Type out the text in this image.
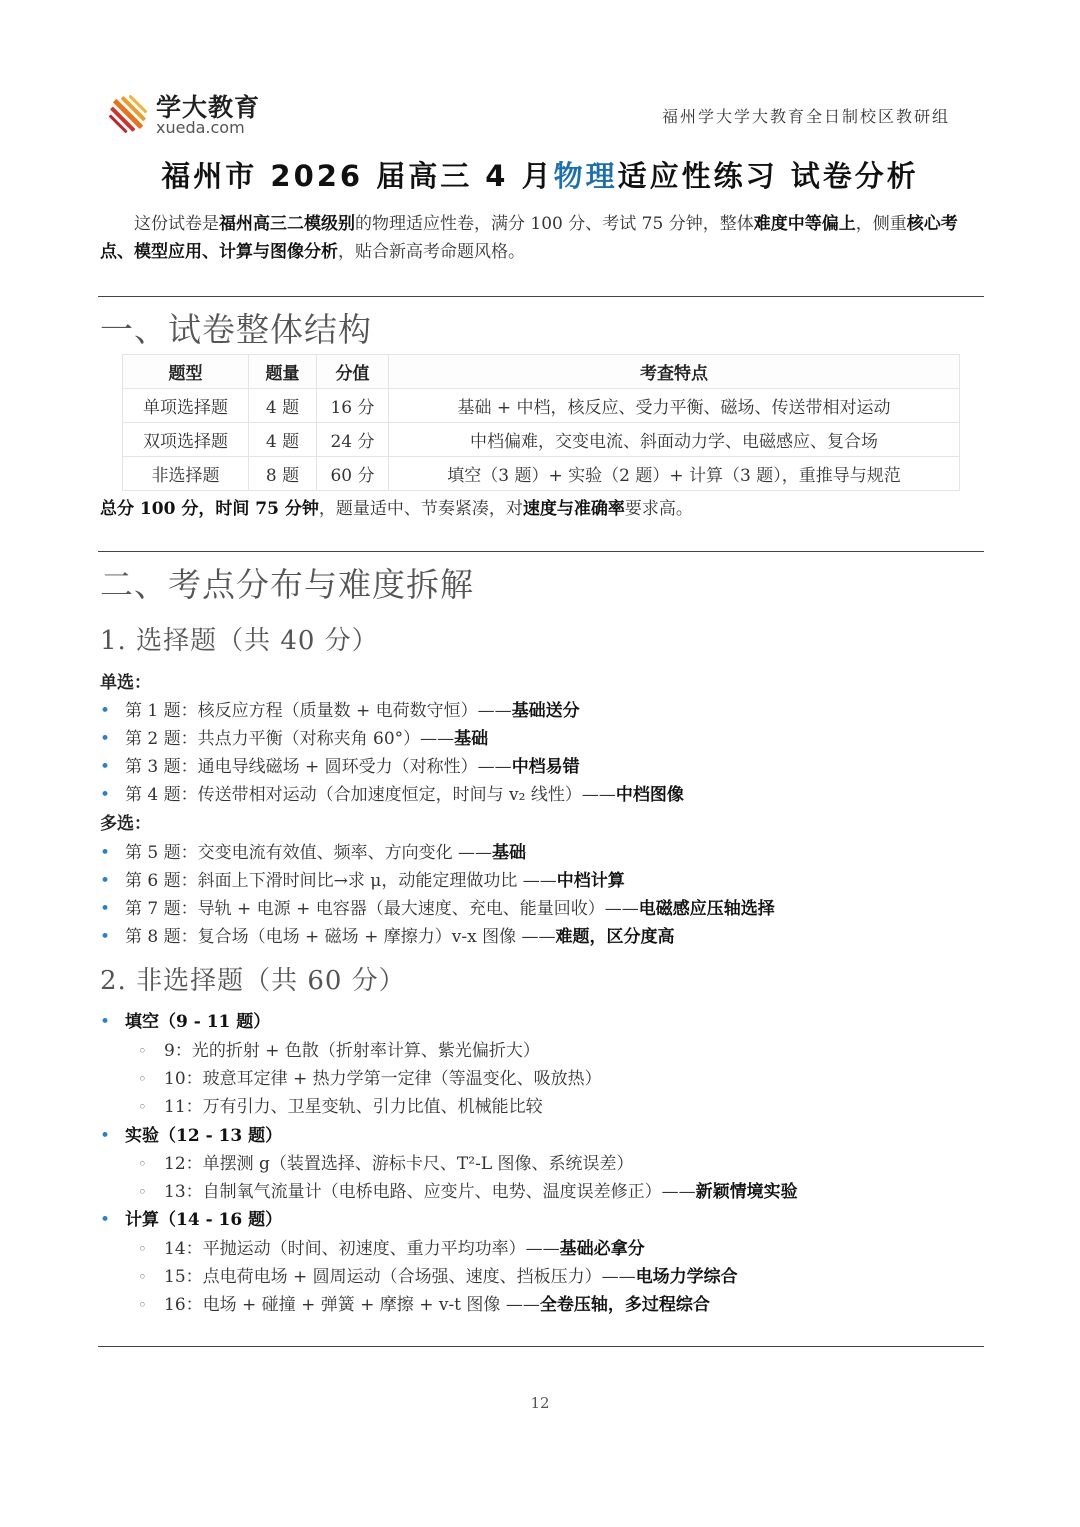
学大教育
xueda.com
福州学大学大教育全日制校区教研组
福州市 2026 届高三 4 月物理适应性练习 试卷分析
这份试卷是福州高三二模级别的物理适应性卷，满分 100 分、考试 75 分钟，整体难度中等偏上，侧重核心考点、模型应用、计算与图像分析，贴合新高考命题风格。
一、试卷整体结构
题型	题量	分值	考查特点
单项选择题	4 题	16 分	基础 + 中档，核反应、受力平衡、磁场、传送带相对运动
双项选择题	4 题	24 分	中档偏难，交变电流、斜面动力学、电磁感应、复合场
非选择题	8 题	60 分	填空（3 题）+ 实验（2 题）+ 计算（3 题），重推导与规范
总分 100 分，时间 75 分钟，题量适中、节奏紧凑，对速度与准确率要求高。
二、考点分布与难度拆解
1. 选择题（共 40 分）
单选：
• 第 1 题：核反应方程（质量数 + 电荷数守恒）——基础送分
• 第 2 题：共点力平衡（对称夹角 60°）——基础
• 第 3 题：通电导线磁场 + 圆环受力（对称性）——中档易错
• 第 4 题：传送带相对运动（合加速度恒定，时间与 v₂ 线性）——中档图像
多选：
• 第 5 题：交变电流有效值、频率、方向变化 ——基础
• 第 6 题：斜面上下滑时间比→求 μ，动能定理做功比 ——中档计算
• 第 7 题：导轨 + 电源 + 电容器（最大速度、充电、能量回收）——电磁感应压轴选择
• 第 8 题：复合场（电场 + 磁场 + 摩擦力）v-x 图像 ——难题，区分度高
2. 非选择题（共 60 分）
• 填空（9 - 11 题）
◦ 9：光的折射 + 色散（折射率计算、紫光偏折大）
◦ 10：玻意耳定律 + 热力学第一定律（等温变化、吸放热）
◦ 11：万有引力、卫星变轨、引力比值、机械能比较
• 实验（12 - 13 题）
◦ 12：单摆测 g（装置选择、游标卡尺、T²-L 图像、系统误差）
◦ 13：自制氧气流量计（电桥电路、应变片、电势、温度误差修正）——新颖情境实验
• 计算（14 - 16 题）
◦ 14：平抛运动（时间、初速度、重力平均功率）——基础必拿分
◦ 15：点电荷电场 + 圆周运动（合场强、速度、挡板压力）——电场力学综合
◦ 16：电场 + 碰撞 + 弹簧 + 摩擦 + v-t 图像 ——全卷压轴，多过程综合
12
